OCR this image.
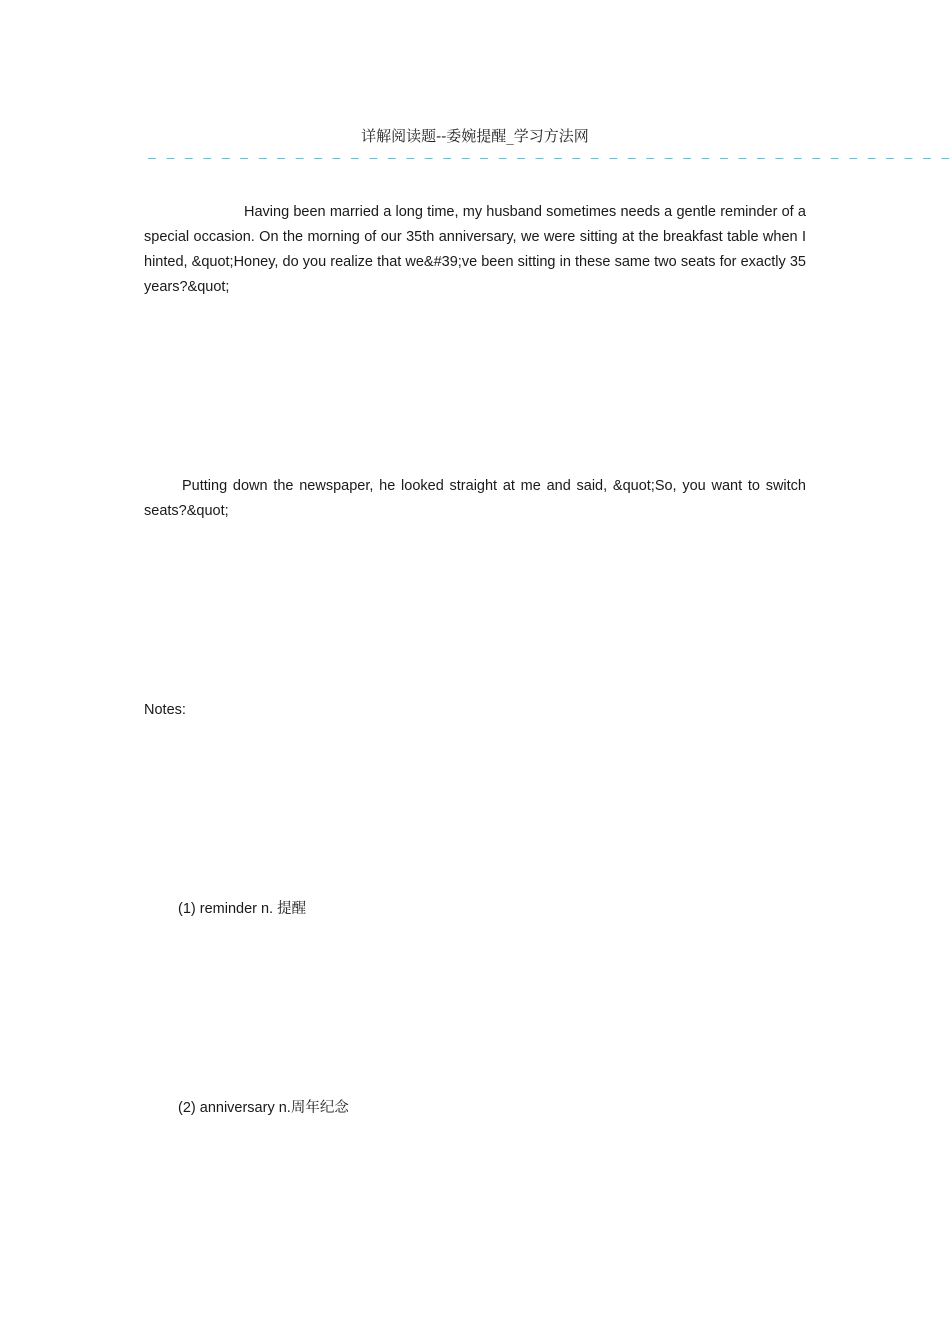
详解阅读题--委婉提醒_学习方法网
— — — — — — — — — — — — — — — — — — — — — — — — — — — — — — — — — — — — — — — — — — — —

Having been married a long time, my husband sometimes needs a gentle reminder of a special occasion. On the morning of our 35th anniversary, we were sitting at the breakfast table when I hinted, &quot;Honey, do you realize that we&#39;ve been sitting in these same two seats for exactly 35 years?&quot;

Putting down the newspaper, he looked straight at me and said, &quot;So, you want to switch seats?&quot;

Notes:

(1) reminder n. 提醒

(2) anniversary n.周年纪念
